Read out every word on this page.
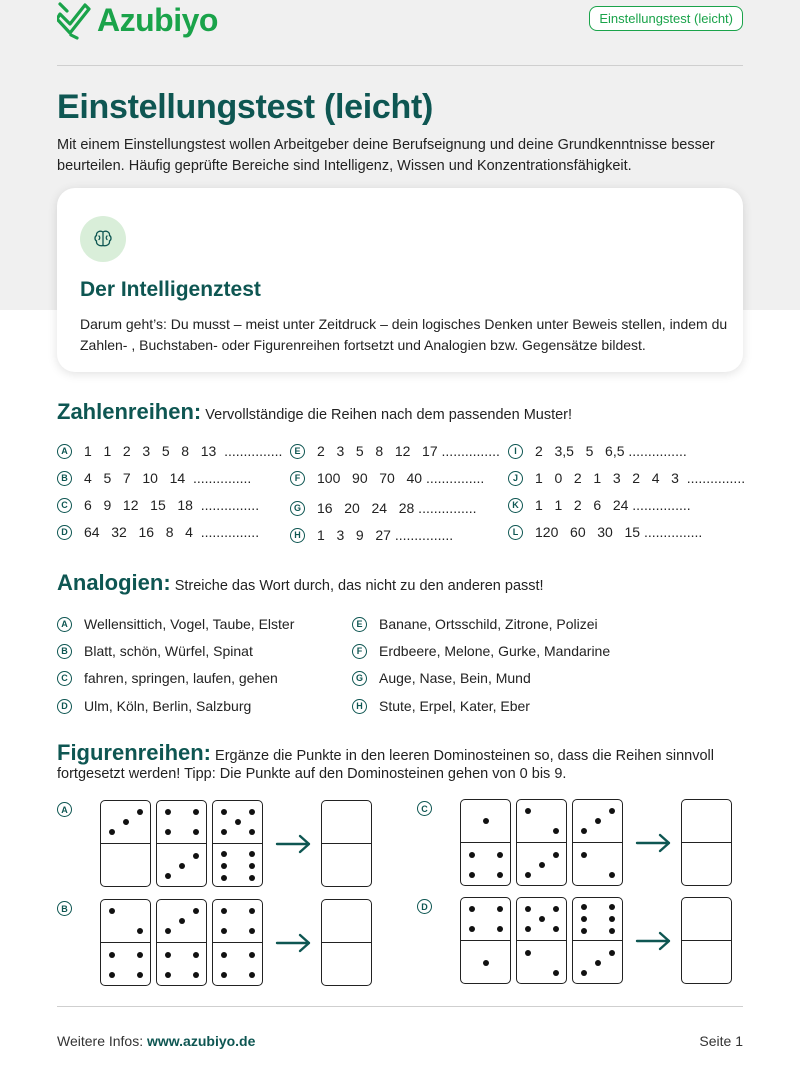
Azubiyo	Einstellungstest (leicht)
Einstellungstest (leicht)

Mit einem Einstellungstest wollen Arbeitgeber deine Berufseignung und deine Grundkenntnisse besser beurteilen. Häufig geprüfte Bereiche sind Intelligenz, Wissen und Konzentrationsfähigkeit.

Der Intelligenztest

Darum geht’s: Du musst – meist unter Zeitdruck – dein logisches Denken unter Beweis stellen, indem du Zahlen- , Buchstaben- oder Figurenreihen fortsetzt und Analogien bzw. Gegensätze bildest.

Zahlenreihen: Vervollständige die Reihen nach dem passenden Muster!
A	1   1   2   3   5   8   13  ...............
B	4   5   7   10   14  ...............
C	6   9   12   15   18  ...............
D	64   32   16   8   4  ...............
E	2   3   5   8   12   17 ...............
F	100   90   70   40 ...............
G 16   20   24   28 ...............
H	1   3   9   27 ...............
I	2   3,5   5   6,5 ...............
J	1   0   2   1   3   2   4   3  ...............
K	1   1   2   6   24 ...............
L	120   60   30   15 ...............
Analogien: Streiche das Wort durch, das nicht zu den anderen passt!
A	Wellensittich, Vogel, Taube, Elster
B	Blatt, schön, Würfel, Spinat
C	fahren, springen, laufen, gehen
D	Ulm, Köln, Berlin, Salzburg
E	Banane, Ortsschild, Zitrone, Polizei
F	Erdbeere, Melone, Gurke, Mandarine
G Auge, Nase, Bein, Mund
H	Stute, Erpel, Kater, Eber
Figurenreihen: Ergänze die Punkte in den leeren Dominosteinen so, dass die Reihen sinnvoll fortgesetzt werden! Tipp: Die Punkte auf den Dominosteinen gehen von 0 bis 9.
A
B
C
D
Weitere Infos: www.azubiyo.de	Seite 1
